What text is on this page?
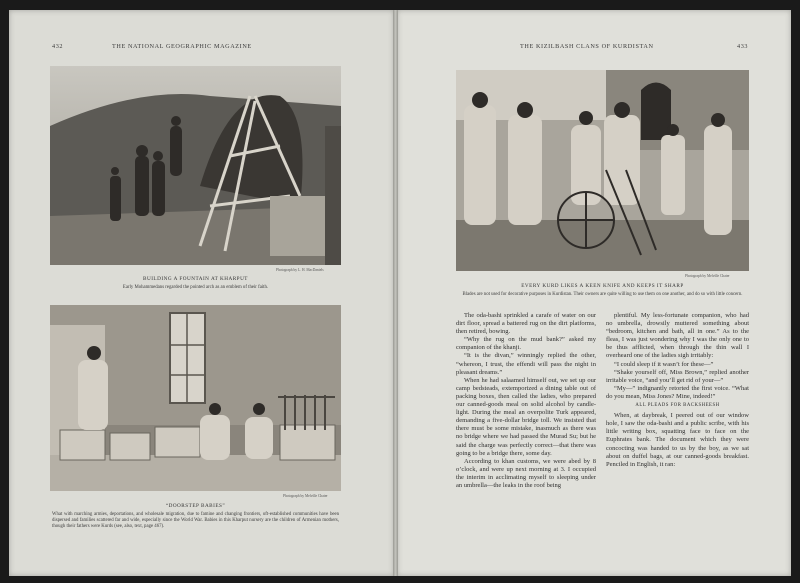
432	THE NATIONAL GEOGRAPHIC MAGAZINE
Photograph by L. H. MacDaniels
BUILDING A FOUNTAIN AT KHARPUT
Early Mohammedans regarded the pointed arch as an emblem of their faith.
Photograph by Melville Chater
“DOORSTEP BABIES”
What with marching armies, deportations, and wholesale migration, due to famine and changing frontiers, oft-established communities have been dispersed and families scattered far and wide, especially since the World War. Babies in this Kharput nursery are the children of Armenian mothers, though their fathers were Kurds (see, also, text, page 467).
THE KIZILBASH CLANS OF KURDISTAN	433
Photograph by Melville Chater
EVERY KURD LIKES A KEEN KNIFE AND KEEPS IT SHARP
Blades are not used for decorative purposes in Kurdistan. Their owners are quite willing to use them on one another, and do so with little concern.

The oda-bashi sprinkled a carafe of water on our dirt floor, spread a battered rug on the dirt platforms, then retired, bowing.

“Why the rug on the mud bank?” asked my companion of the khanji.

“It is the divan,” winningly replied the other, “whereon, I trust, the effendi will pass the night in pleasant dreams.”

When he had salaamed himself out, we set up our camp bedsteads, extemporized a dining table out of packing boxes, then called the ladies, who prepared our canned-goods meal on solid alcohol by candle-light. During the meal an overpolite Turk appeared, demanding a five-dollar bridge toll. We insisted that there must be some mistake, inasmuch as there was no bridge where we had passed the Murad Su; but he said the charge was perfectly correct—that there was going to be a bridge there, some day.

According to khan customs, we were abed by 8 o’clock, and were up next morning at 3. I occupied the interim in acclimating myself to sleeping under an umbrella—the leaks in the roof being

plentiful. My less-fortunate companion, who had no umbrella, drowsily muttered something about “bedroom, kitchen and bath, all in one.” As to the fleas, I was just wondering why I was the only one to be thus afflicted, when through the thin wall I overheard one of the ladies sigh irritably:

“I could sleep if it wasn’t for these—”

“Shake yourself off, Miss Brown,” replied another irritable voice, “and you’ll get rid of your—”

“My—” indignantly retorted the first voice. “What do you mean, Miss Jones? Mine, indeed!”

ALL PLEADS FOR BACKSHEESH

When, at daybreak, I peered out of our window hole, I saw the oda-bashi and a public scribe, with his little writing box, squatting face to face on the Euphrates bank. The document which they were concocting was handed to us by the boy, as we sat about on duffel bags, at our canned-goods breakfast. Penciled in English, it ran:
